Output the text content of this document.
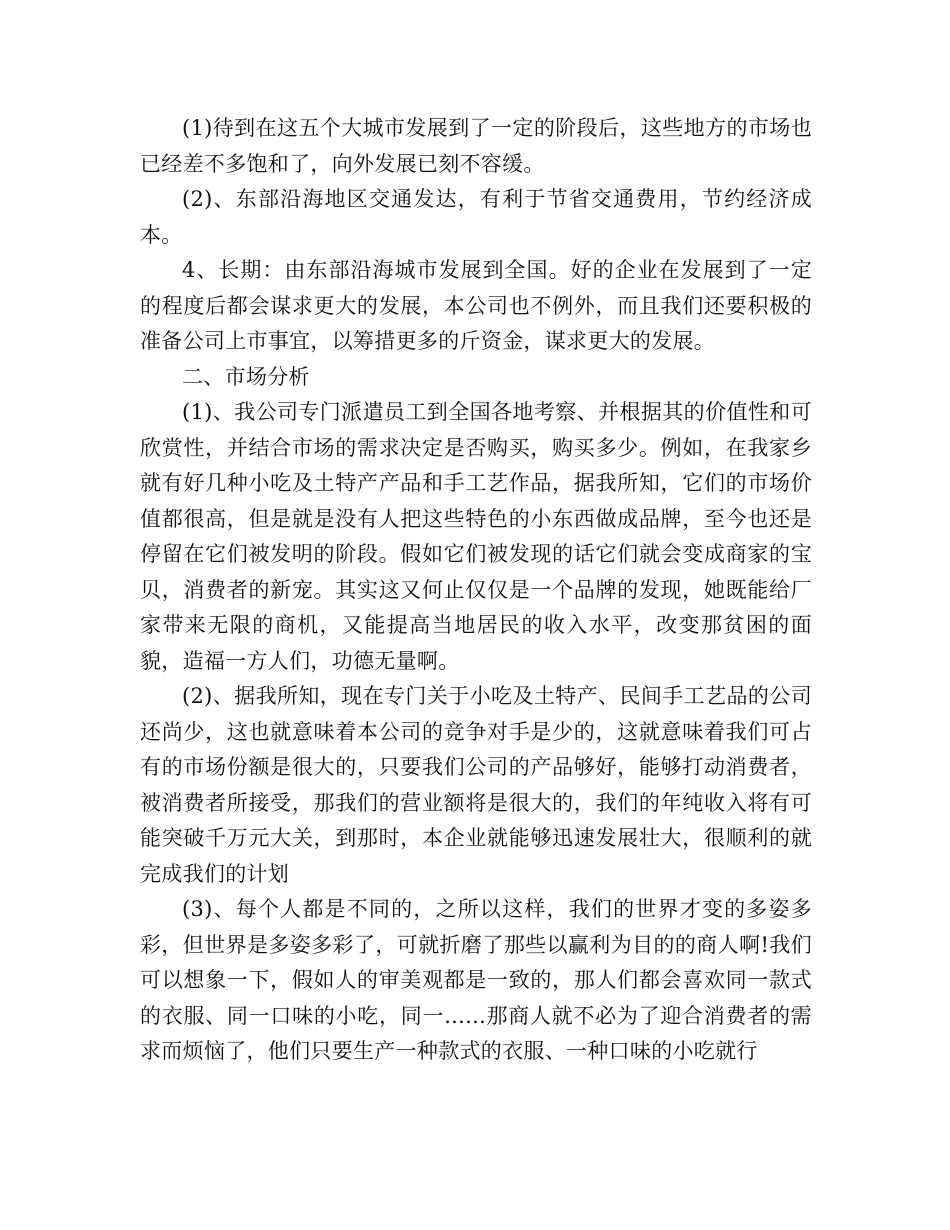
(1)待到在这五个大城市发展到了一定的阶段后，这些地方的市场也已经差不多饱和了，向外发展已刻不容缓。

(2)、东部沿海地区交通发达，有利于节省交通费用，节约经济成本。

4、长期：由东部沿海城市发展到全国。好的企业在发展到了一定的程度后都会谋求更大的发展，本公司也不例外，而且我们还要积极的准备公司上市事宜，以筹措更多的斤资金，谋求更大的发展。

二、市场分析

(1)、我公司专门派遣员工到全国各地考察、并根据其的价值性和可欣赏性，并结合市场的需求决定是否购买，购买多少。例如，在我家乡就有好几种小吃及土特产产品和手工艺作品，据我所知，它们的市场价值都很高，但是就是没有人把这些特色的小东西做成品牌，至今也还是停留在它们被发明的阶段。假如它们被发现的话它们就会变成商家的宝贝，消费者的新宠。其实这又何止仅仅是一个品牌的发现，她既能给厂家带来无限的商机，又能提高当地居民的收入水平，改变那贫困的面貌，造福一方人们，功德无量啊。

(2)、据我所知，现在专门关于小吃及土特产、民间手工艺品的公司还尚少，这也就意味着本公司的竞争对手是少的，这就意味着我们可占有的市场份额是很大的，只要我们公司的产品够好，能够打动消费者，被消费者所接受，那我们的营业额将是很大的，我们的年纯收入将有可能突破千万元大关，到那时，本企业就能够迅速发展壮大，很顺利的就完成我们的计划

(3)、每个人都是不同的，之所以这样，我们的世界才变的多姿多彩，但世界是多姿多彩了，可就折磨了那些以赢利为目的的商人啊!我们可以想象一下，假如人的审美观都是一致的，那人们都会喜欢同一款式的衣服、同一口味的小吃，同一......那商人就不必为了迎合消费者的需求而烦恼了，他们只要生产一种款式的衣服、一种口味的小吃就行
